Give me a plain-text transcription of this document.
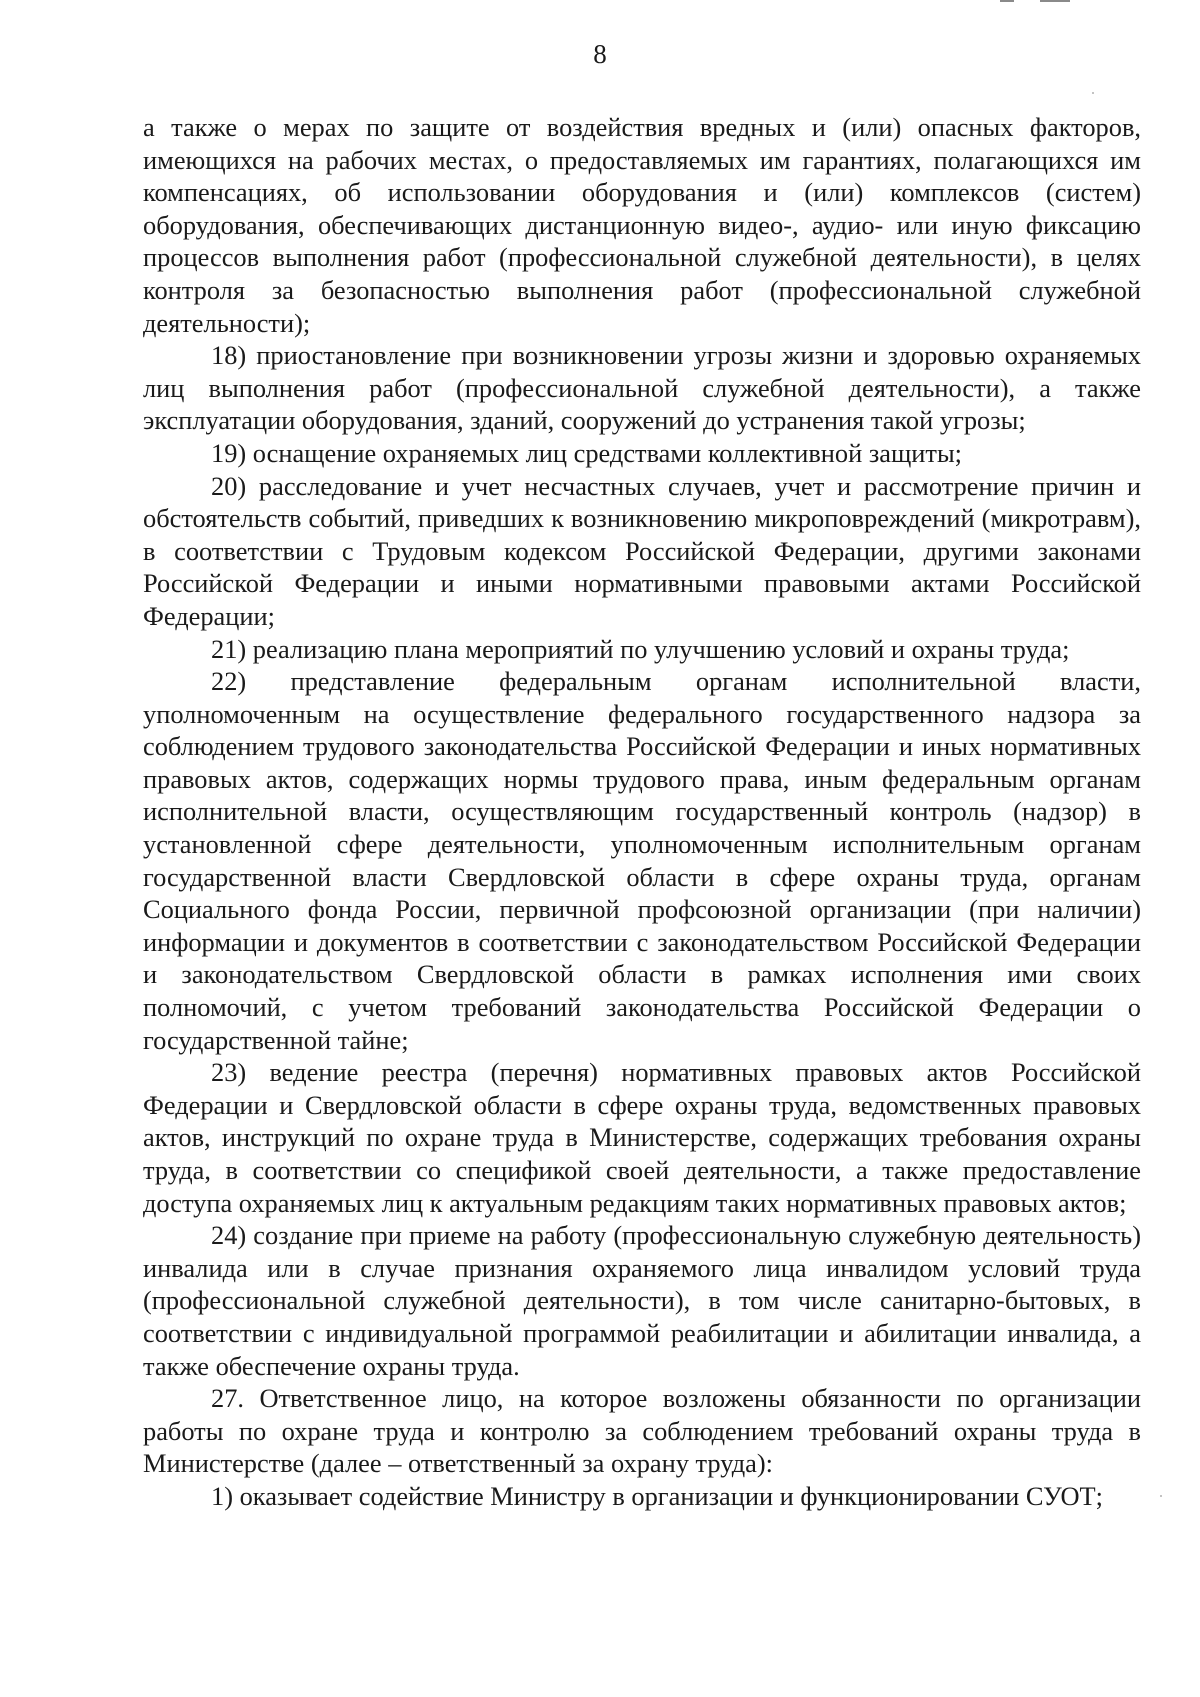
8

а также о мерах по защите от воздействия вредных и (или) опасных факторов, имеющихся на рабочих местах, о предоставляемых им гарантиях, полагающихся им компенсациях, об использовании оборудования и (или) комплексов (систем) оборудования, обеспечивающих дистанционную видео-, аудио- или иную фиксацию процессов выполнения работ (профессиональной служебной деятельности), в целях контроля за безопасностью выполнения работ (профессиональной служебной деятельности);

18) приостановление при возникновении угрозы жизни и здоровью охраняемых лиц выполнения работ (профессиональной служебной деятельности), а также эксплуатации оборудования, зданий, сооружений до устранения такой угрозы;

19) оснащение охраняемых лиц средствами коллективной защиты;

20) расследование и учет несчастных случаев, учет и рассмотрение причин и обстоятельств событий, приведших к возникновению микроповреждений (микротравм), в соответствии с Трудовым кодексом Российской Федерации, другими законами Российской Федерации и иными нормативными правовыми актами Российской Федерации;

21) реализацию плана мероприятий по улучшению условий и охраны труда;

22) представление федеральным органам исполнительной власти, уполномоченным на осуществление федерального государственного надзора за соблюдением трудового законодательства Российской Федерации и иных нормативных правовых актов, содержащих нормы трудового права, иным федеральным органам исполнительной власти, осуществляющим государственный контроль (надзор) в установленной сфере деятельности, уполномоченным исполнительным органам государственной власти Свердловской области в сфере охраны труда, органам Социального фонда России, первичной профсоюзной организации (при наличии) информации и документов в соответствии с законодательством Российской Федерации и законодательством Свердловской области в рамках исполнения ими своих полномочий, с учетом требований законодательства Российской Федерации о государственной тайне;

23) ведение реестра (перечня) нормативных правовых актов Российской Федерации и Свердловской области в сфере охраны труда, ведомственных правовых актов, инструкций по охране труда в Министерстве, содержащих требования охраны труда, в соответствии со спецификой своей деятельности, а также предоставление доступа охраняемых лиц к актуальным редакциям таких нормативных правовых актов;

24) создание при приеме на работу (профессиональную служебную деятельность) инвалида или в случае признания охраняемого лица инвалидом условий труда (профессиональной служебной деятельности), в том числе санитарно-бытовых, в соответствии с индивидуальной программой реабилитации и абилитации инвалида, а также обеспечение охраны труда.

27. Ответственное лицо, на которое возложены обязанности по организации работы по охране труда и контролю за соблюдением требований охраны труда в Министерстве (далее – ответственный за охрану труда):

1) оказывает содействие Министру в организации и функционировании СУОТ;
